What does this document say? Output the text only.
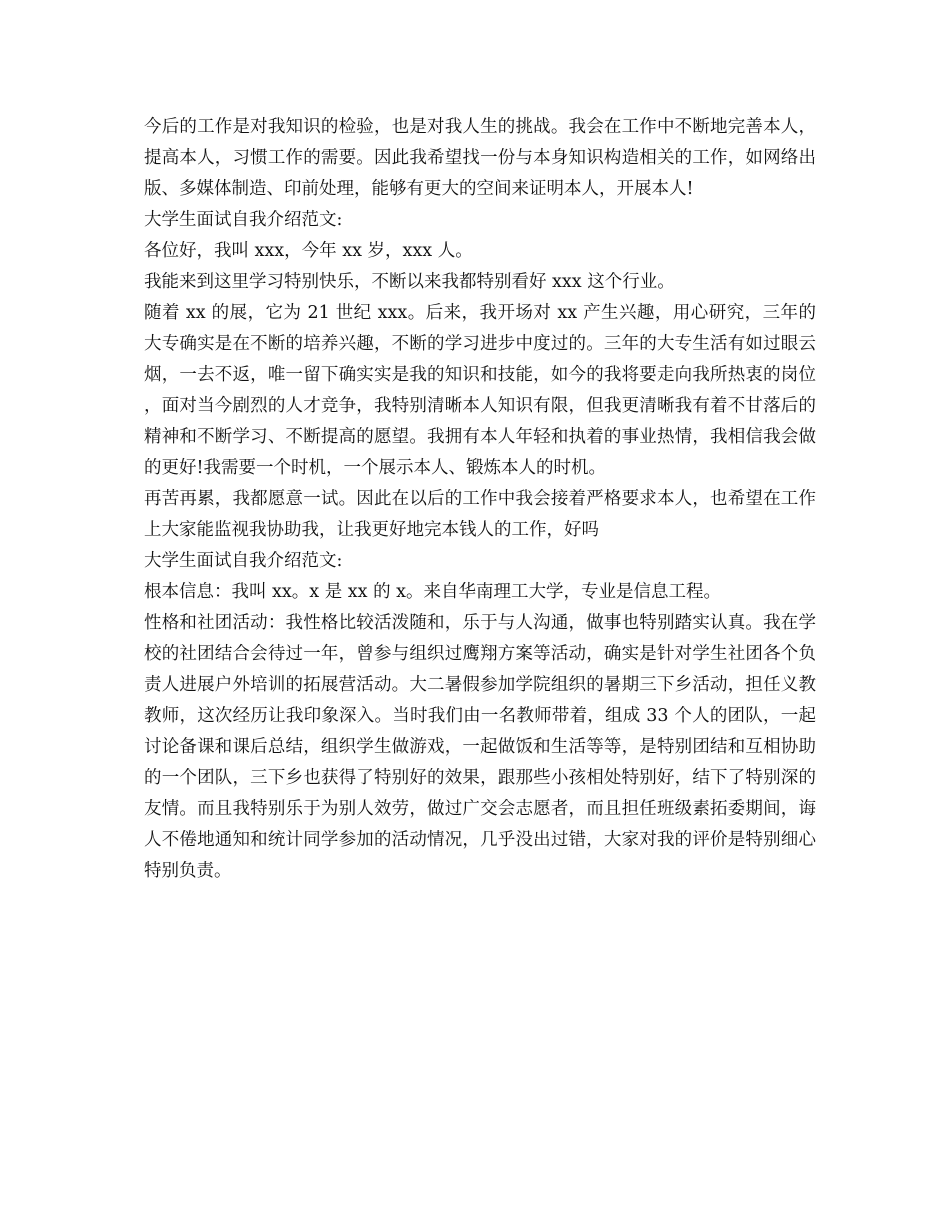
今后的工作是对我知识的检验，也是对我人生的挑战。我会在工作中不断地完善本人，提高本人，习惯工作的需要。因此我希望找一份与本身知识构造相关的工作，如网络出版、多媒体制造、印前处理，能够有更大的空间来证明本人，开展本人!

大学生面试自我介绍范文:

各位好，我叫 xxx，今年 xx 岁，xxx 人。

我能来到这里学习特别快乐，不断以来我都特别看好 xxx 这个行业。

随着 xx 的展，它为 21 世纪 xxx。后来，我开场对 xx 产生兴趣，用心研究，三年的大专确实是在不断的培养兴趣，不断的学习进步中度过的。三年的大专生活有如过眼云烟，一去不返，唯一留下确实实是我的知识和技能，如今的我将要走向我所热衷的岗位，面对当今剧烈的人才竞争，我特别清晰本人知识有限，但我更清晰我有着不甘落后的精神和不断学习、不断提高的愿望。我拥有本人年轻和执着的事业热情，我相信我会做的更好!我需要一个时机，一个展示本人、锻炼本人的时机。

再苦再累，我都愿意一试。因此在以后的工作中我会接着严格要求本人，也希望在工作上大家能监视我协助我，让我更好地完本钱人的工作，好吗

大学生面试自我介绍范文:

根本信息：我叫 xx。x 是 xx 的 x。来自华南理工大学，专业是信息工程。

性格和社团活动：我性格比较活泼随和，乐于与人沟通，做事也特别踏实认真。我在学校的社团结合会待过一年，曾参与组织过鹰翔方案等活动，确实是针对学生社团各个负责人进展户外培训的拓展营活动。大二暑假参加学院组织的暑期三下乡活动，担任义教教师，这次经历让我印象深入。当时我们由一名教师带着，组成 33 个人的团队，一起讨论备课和课后总结，组织学生做游戏，一起做饭和生活等等，是特别团结和互相协助的一个团队，三下乡也获得了特别好的效果，跟那些小孩相处特别好，结下了特别深的友情。而且我特别乐于为别人效劳，做过广交会志愿者，而且担任班级素拓委期间，诲人不倦地通知和统计同学参加的活动情况，几乎没出过错，大家对我的评价是特别细心特别负责。
